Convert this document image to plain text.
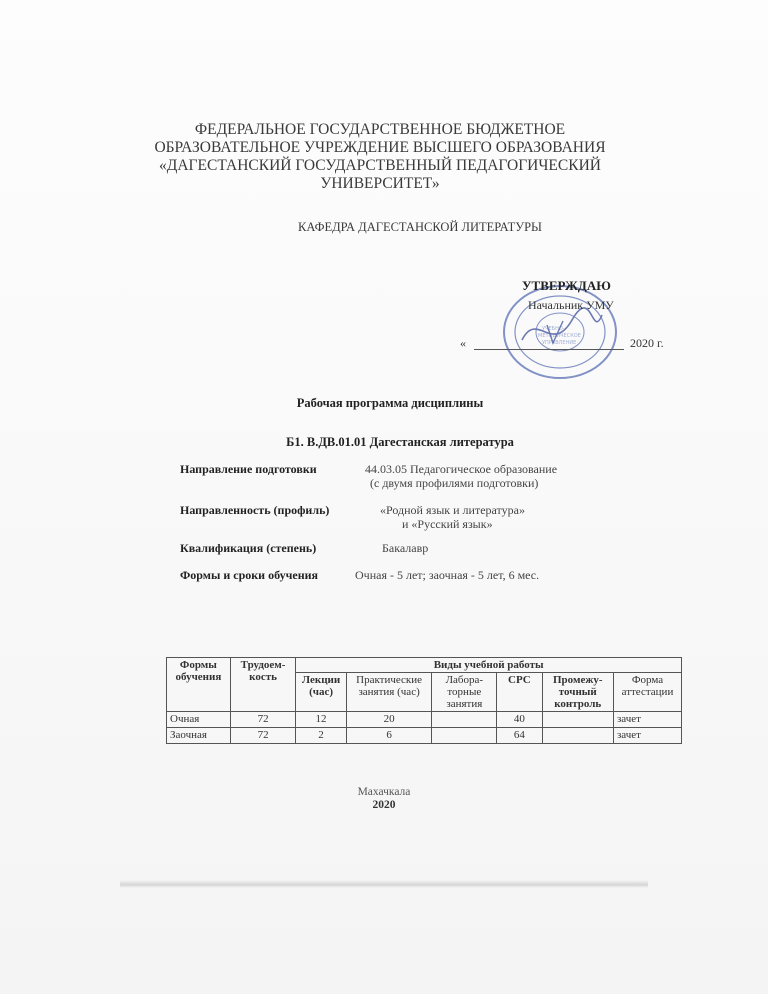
ФЕДЕРАЛЬНОЕ ГОСУДАРСТВЕННОЕ БЮДЖЕТНОЕ
ОБРАЗОВАТЕЛЬНОЕ УЧРЕЖДЕНИЕ ВЫСШЕГО ОБРАЗОВАНИЯ
«ДАГЕСТАНСКИЙ ГОСУДАРСТВЕННЫЙ ПЕДАГОГИЧЕСКИЙ
УНИВЕРСИТЕТ»
КАФЕДРА ДАГЕСТАНСКОЙ ЛИТЕРАТУРЫ
УЧЕБНО-
МЕТОДИЧЕСКОЕ
УПРАВЛЕНИЕ
УТВЕРЖДАЮ
Начальник УМУ
«	2020 г.
Рабочая программа дисциплины
Б1. В.ДВ.01.01 Дагестанская литература
Направление подготовки	44.03.05 Педагогическое образование
(с двумя профилями подготовки)
Направленность (профиль)	«Родной язык и литература»
и «Русский язык»
Квалификация (степень)	Бакалавр
Формы и сроки обучения	Очная - 5 лет; заочная - 5 лет, 6 мес.
Формы обучения	Трудоем-кость	Виды учебной работы					
		Лекции (час)	Практические занятия (час)	Лабора-торные занятия	СРС	Промежу-точный контроль	Форма аттестации
Очная	72	12	20		40		зачет
Заочная	72	2	6		64		зачет
Махачкала
2020
